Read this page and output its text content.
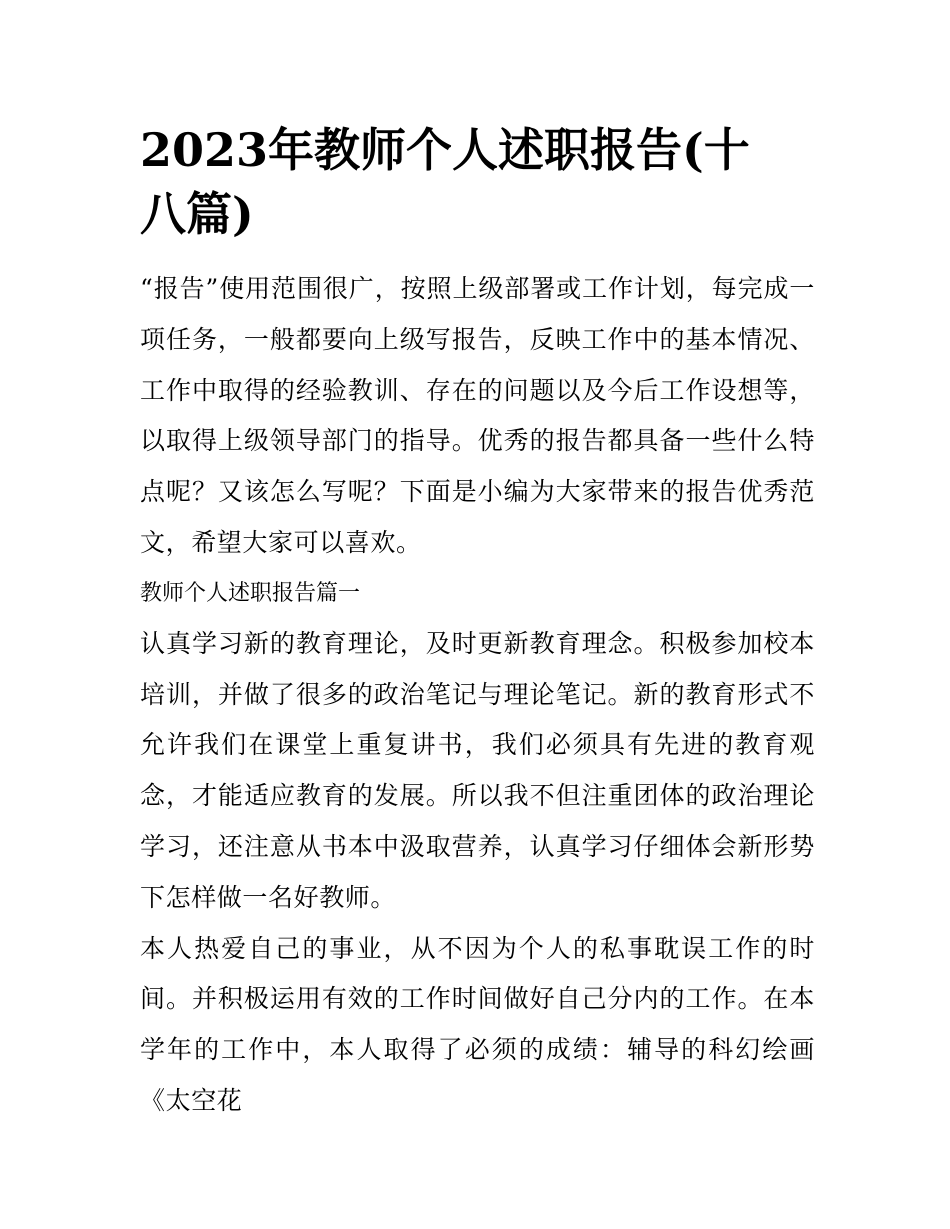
2023年教师个人述职报告(十八篇)

“报告”使用范围很广，按照上级部署或工作计划，每完成一项任务，一般都要向上级写报告，反映工作中的基本情况、工作中取得的经验教训、存在的问题以及今后工作设想等，以取得上级领导部门的指导。优秀的报告都具备一些什么特点呢？又该怎么写呢？下面是小编为大家带来的报告优秀范文，希望大家可以喜欢。

教师个人述职报告篇一

认真学习新的教育理论，及时更新教育理念。积极参加校本培训，并做了很多的政治笔记与理论笔记。新的教育形式不允许我们在课堂上重复讲书，我们必须具有先进的教育观念，才能适应教育的发展。所以我不但注重团体的政治理论学习，还注意从书本中汲取营养，认真学习仔细体会新形势下怎样做一名好教师。

本人热爱自己的事业，从不因为个人的私事耽误工作的时间。并积极运用有效的工作时间做好自己分内的工作。在本学年的工作中，本人取得了必须的成绩：辅导的科幻绘画《太空花
